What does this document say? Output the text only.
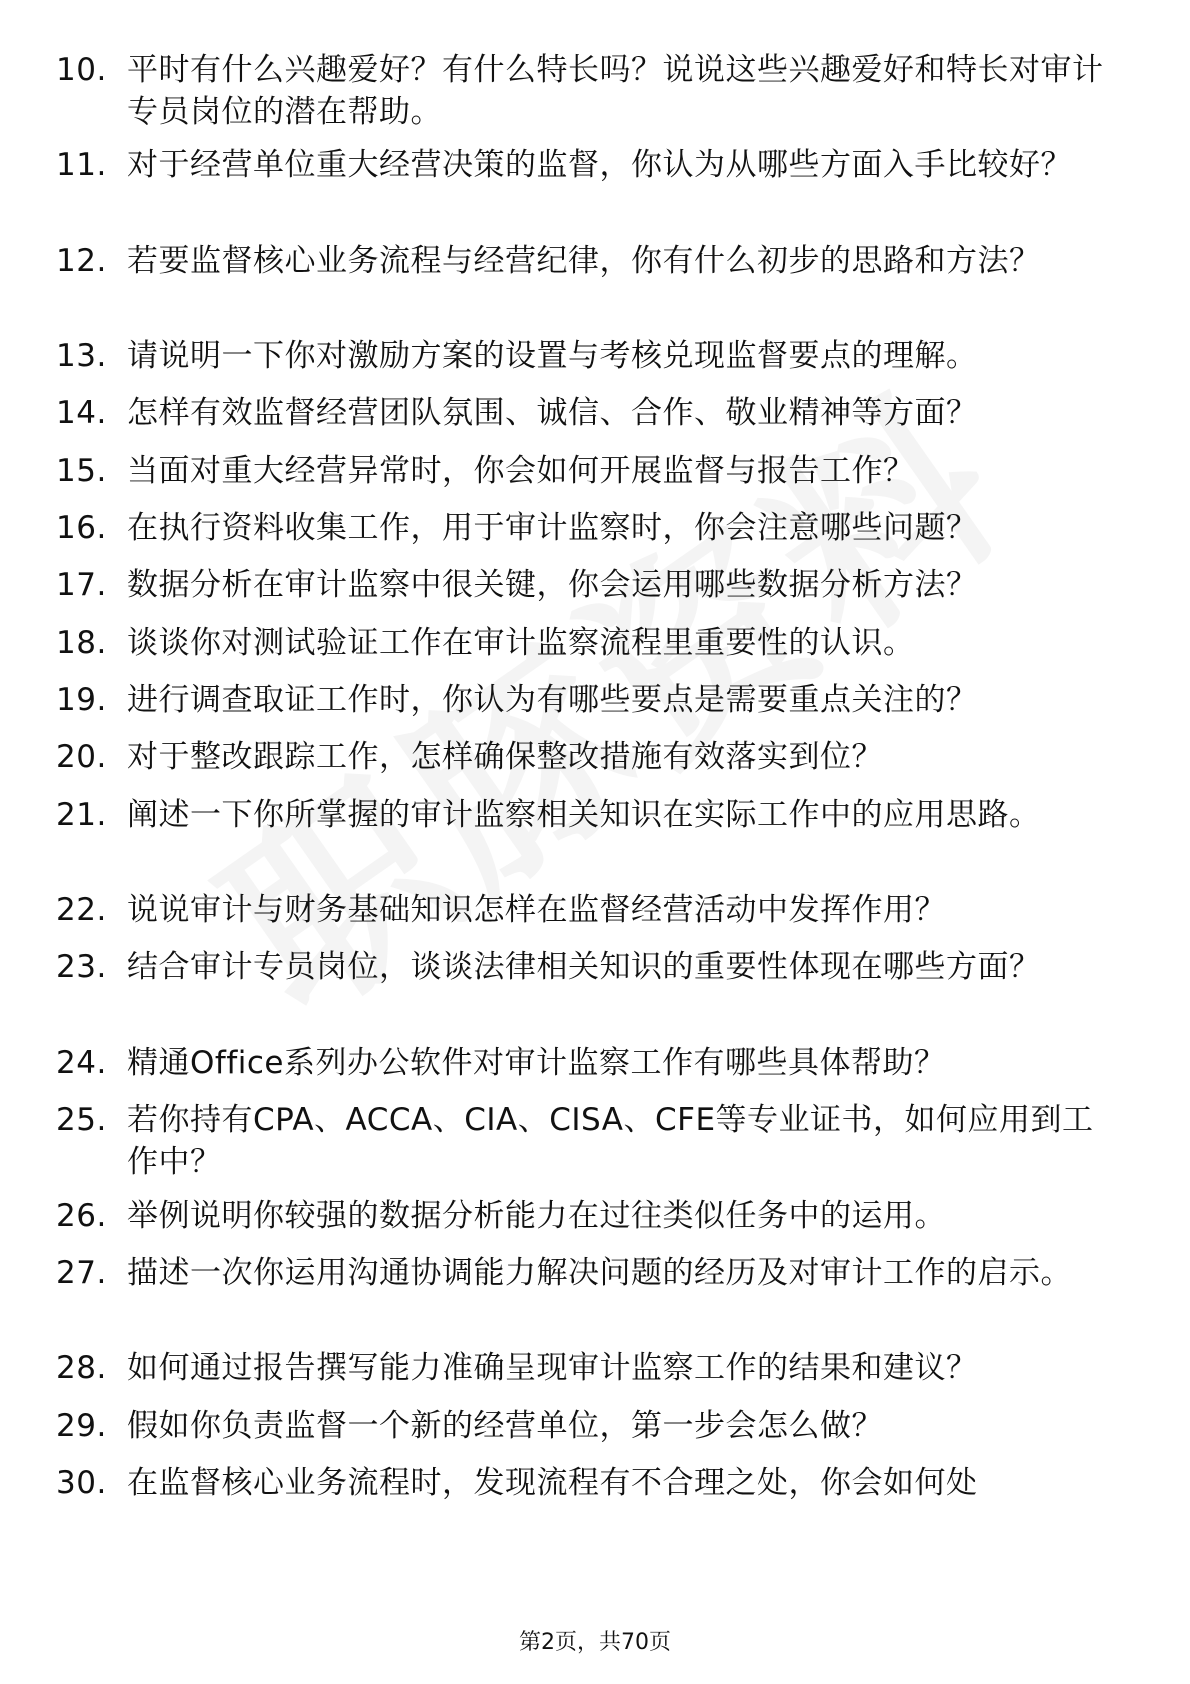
10. 平时有什么兴趣爱好？有什么特长吗？说说这些兴趣爱好和特长对审计专员岗位的潜在帮助。
11. 对于经营单位重大经营决策的监督，你认为从哪些方面入手比较好？
12. 若要监督核心业务流程与经营纪律，你有什么初步的思路和方法？
13. 请说明一下你对激励方案的设置与考核兑现监督要点的理解。
14. 怎样有效监督经营团队氛围、诚信、合作、敬业精神等方面？
15. 当面对重大经营异常时，你会如何开展监督与报告工作？
16. 在执行资料收集工作，用于审计监察时，你会注意哪些问题？
17. 数据分析在审计监察中很关键，你会运用哪些数据分析方法？
18. 谈谈你对测试验证工作在审计监察流程里重要性的认识。
19. 进行调查取证工作时，你认为有哪些要点是需要重点关注的？
20. 对于整改跟踪工作，怎样确保整改措施有效落实到位？
21. 阐述一下你所掌握的审计监察相关知识在实际工作中的应用思路。
22. 说说审计与财务基础知识怎样在监督经营活动中发挥作用？
23. 结合审计专员岗位，谈谈法律相关知识的重要性体现在哪些方面？
24. 精通Office系列办公软件对审计监察工作有哪些具体帮助？
25. 若你持有CPA、ACCA、CIA、CISA、CFE等专业证书，如何应用到工作中？
26. 举例说明你较强的数据分析能力在过往类似任务中的运用。
27. 描述一次你运用沟通协调能力解决问题的经历及对审计工作的启示。
28. 如何通过报告撰写能力准确呈现审计监察工作的结果和建议？
29. 假如你负责监督一个新的经营单位，第一步会怎么做？
30. 在监督核心业务流程时，发现流程有不合理之处，你会如何处
第2页，共70页
